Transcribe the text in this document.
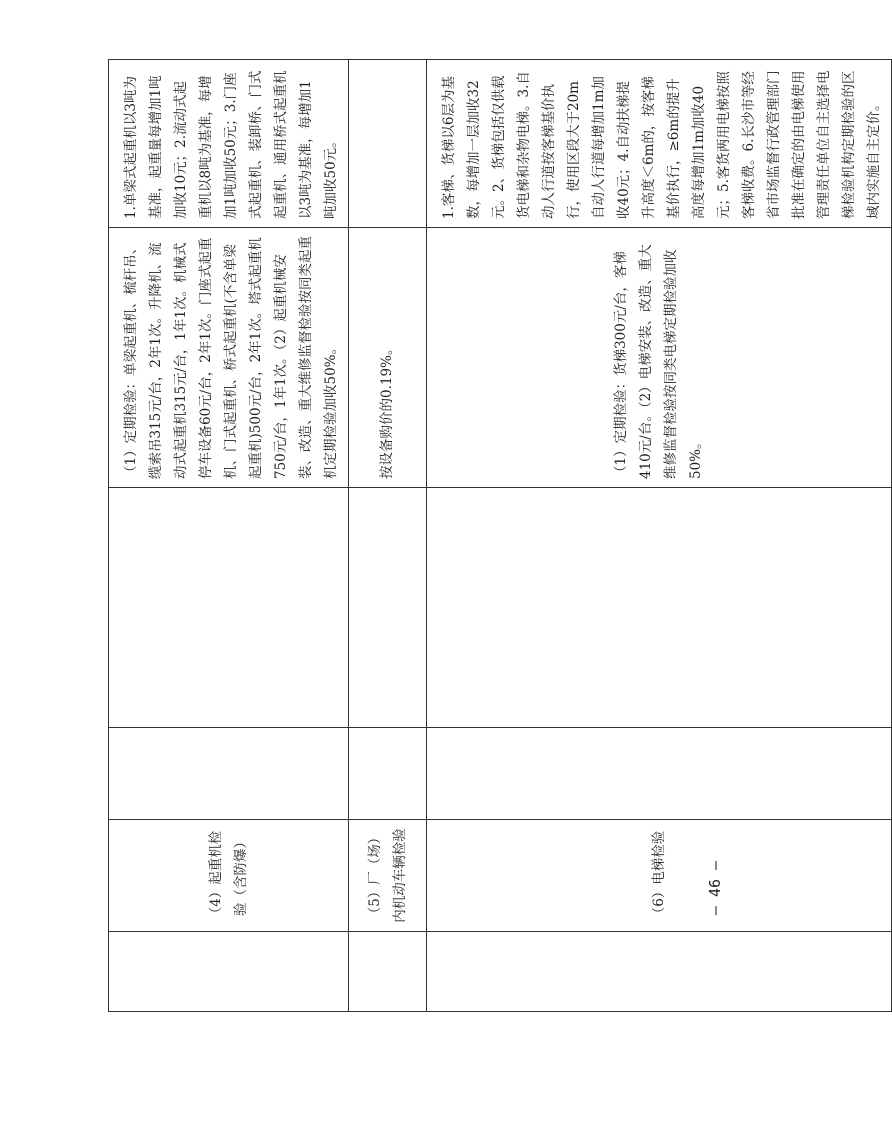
	（4）起重机检验（含防爆）			（1）定期检验：单梁起重机、梳杆吊、缆索吊315元/台，2年1次。升降机、流动式起重机315元/台，1年1次。机械式停车设备60元/台，2年1次。门座式起重机、门式起重机、桥式起重机(不含单梁起重机)500元/台，2年1次。塔式起重机750元/台，1年1次。（2）起重机械安装、改造、重大维修监督检验按同类起重机定期检验加收50%。	1.单梁式起重机以3吨为基准，起重量每增加1吨加收10元；2.流动式起重机以8吨为基准，每增加1吨加收50元；3.门座式起重机、装卸桥、门式起重机、通用桥式起重机以3吨为基准，每增加1吨加收50元。
	（5）厂（场）内机动车辆检验			按设备购价的0.19%。	
	（6）电梯检验			（1）定期检验：货梯300元/台，客梯410元/台。（2）电梯安装、改造、重大维修监督检验按同类电梯定期检验加收50%。	1.客梯、货梯以6层为基数，每增加一层加收32元。2、货梯包括仅供载货电梯和杂物电梯。3.自动人行道按客梯基价执行，使用区段大于20m自动人行道每增加1m加收40元；4.自动扶梯提升高度＜6m的，按客梯基价执行，≥6m的提升高度每增加1m加收40元；5.客货两用电梯按照客梯收费。6.长沙市等经省市场监督行政管理部门批准在确定的由电梯使用管理责任单位自主选择电梯检验机构定期检验的区域内实施自主定价。
— 46 —
